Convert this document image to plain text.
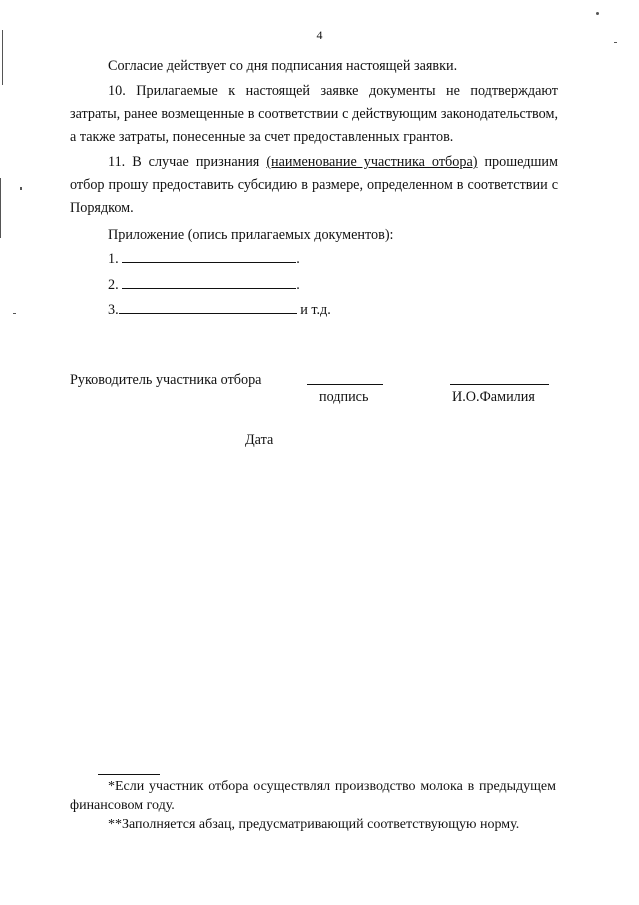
4

Согласие действует со дня подписания настоящей заявки.

10. Прилагаемые к настоящей заявке документы не подтверждают затраты, ранее возмещенные в соответствии с действующим законодательством, а также затраты, понесенные за счет предоставленных грантов.

11. В случае признания (наименование участника отбора) прошедшим отбор прошу предоставить субсидию в размере, определенном в соответствии с Порядком.

Приложение (опись прилагаемых документов):

1.	.

2.	.

3.	и т.д.

Руководитель участника отбора
подпись	И.О.Фамилия
Дата

*Если участник отбора осуществлял производство молока в предыдущем финансовом году.

**Заполняется абзац, предусматривающий соответствующую норму.
